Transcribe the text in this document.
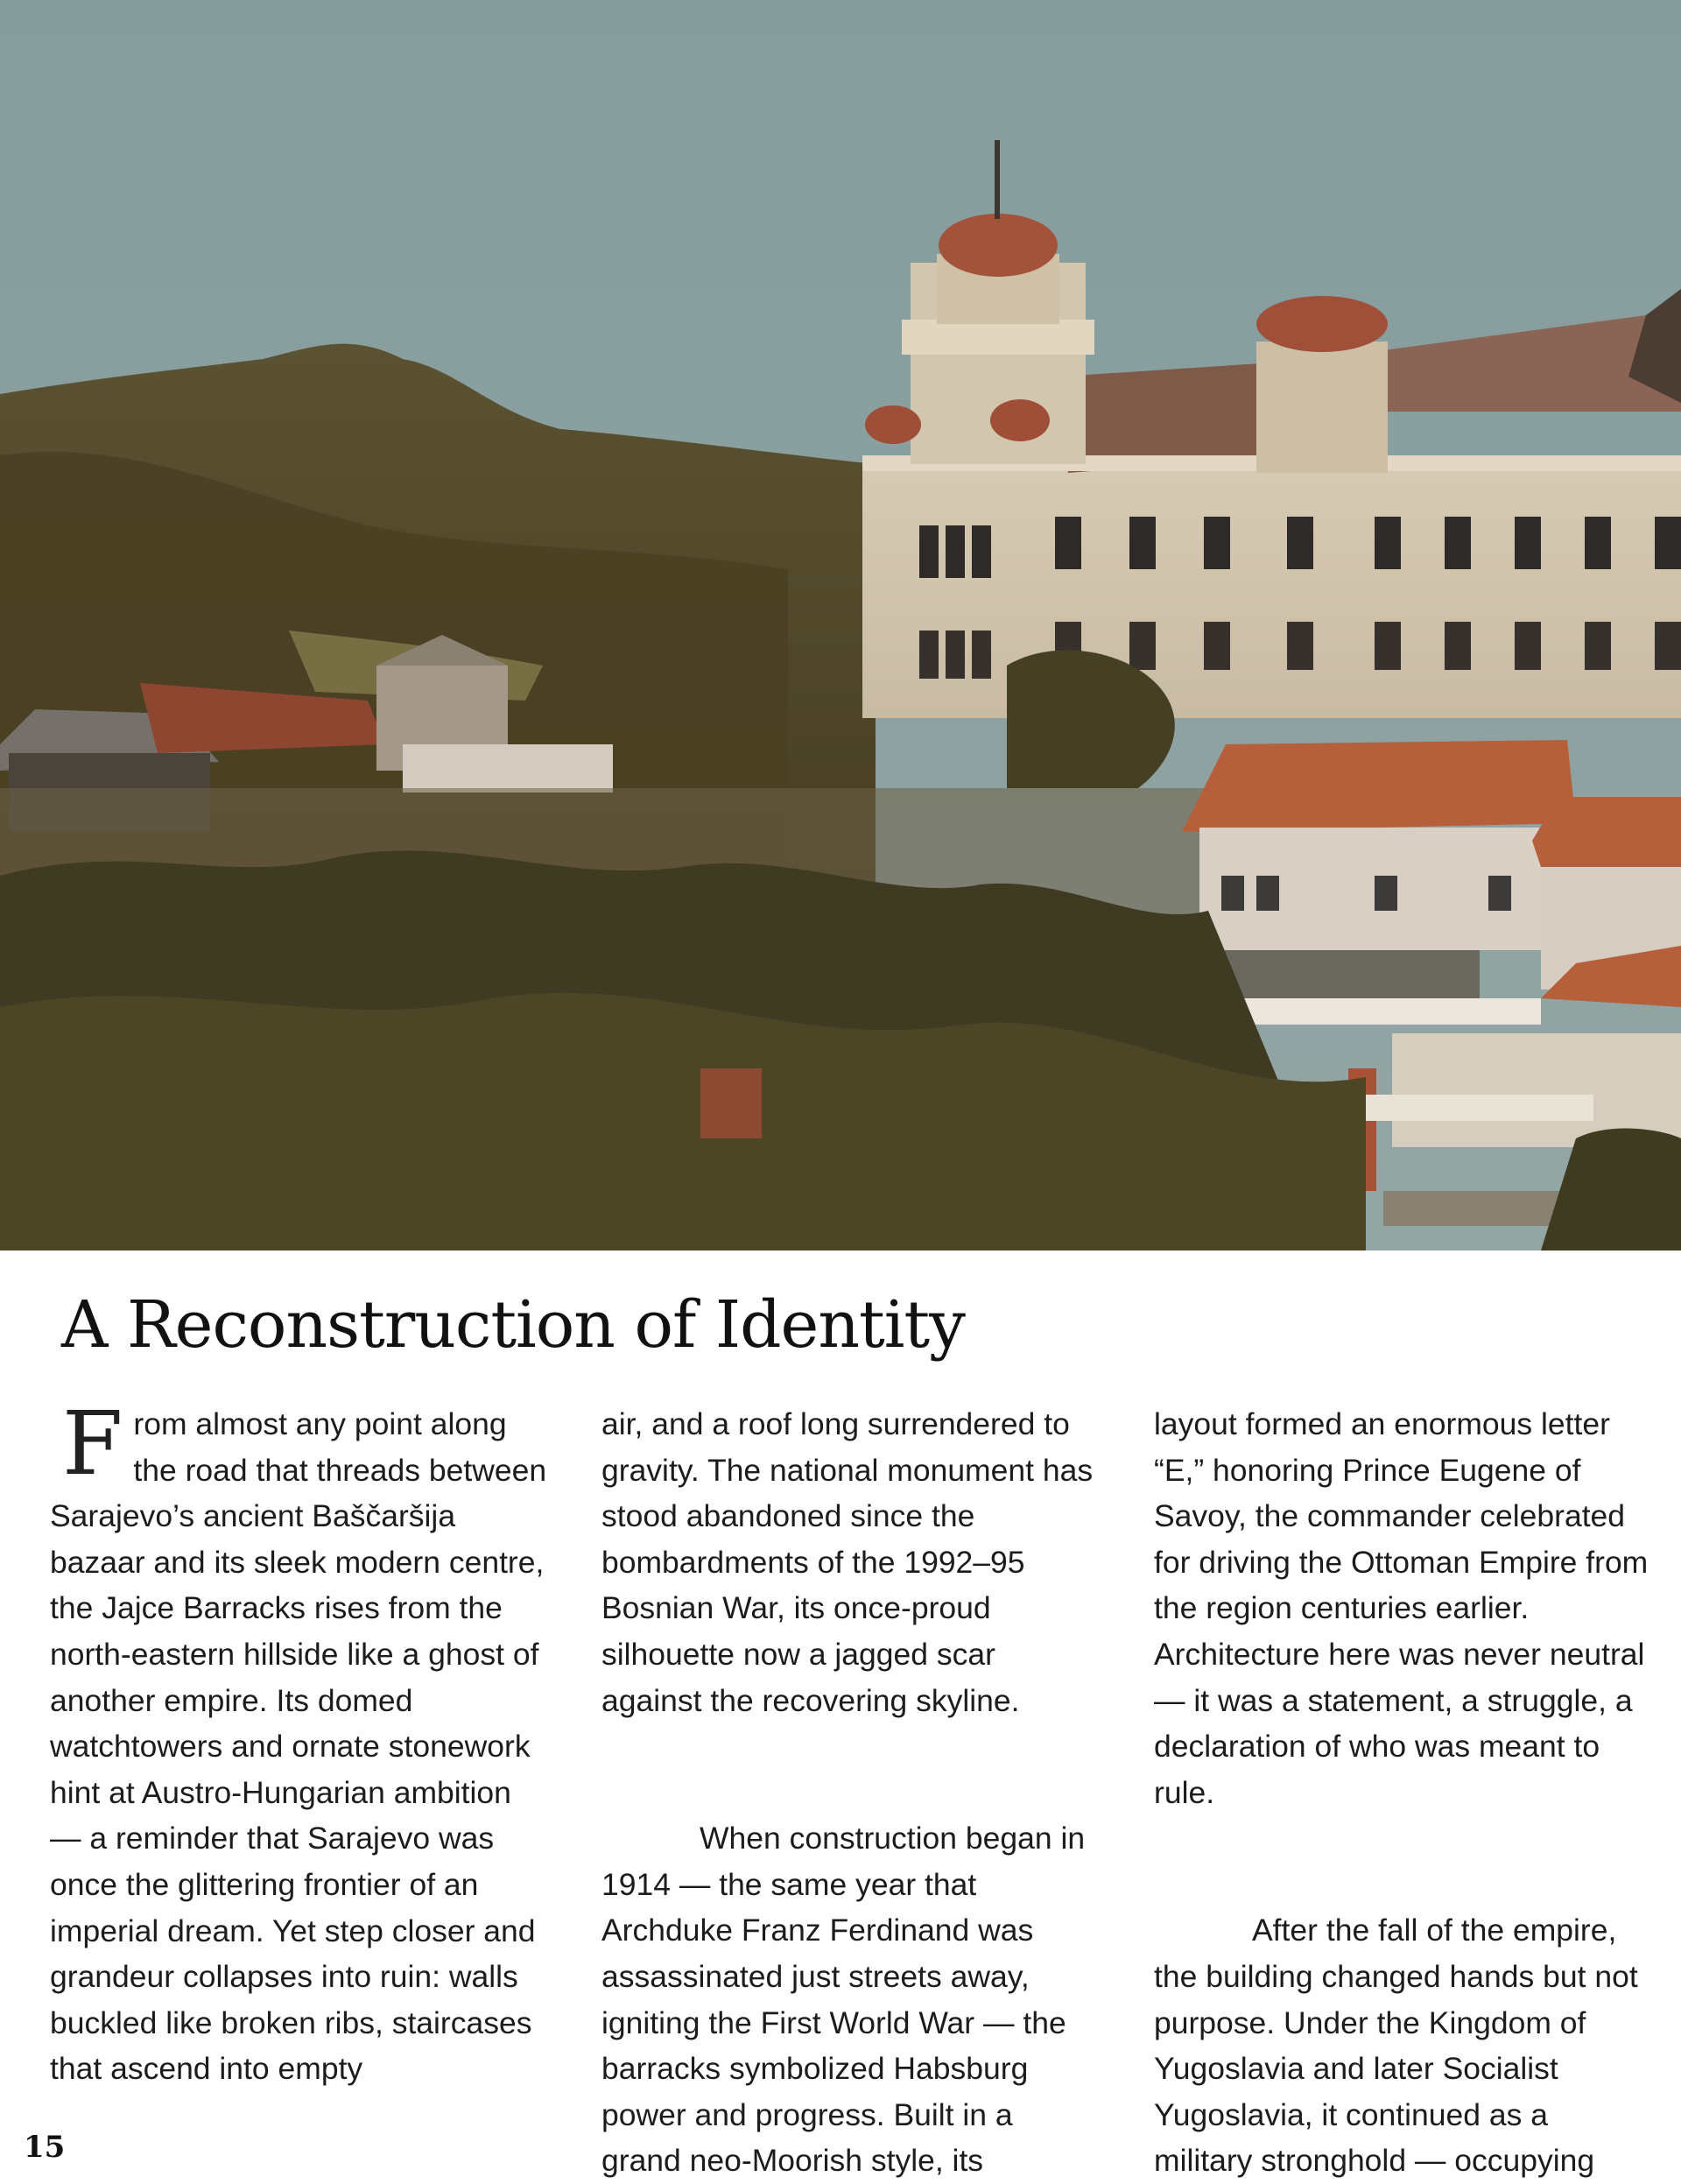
A Reconstruction of Identity

From almost any point along the road that threads between Sarajevo’s ancient Baščaršija bazaar and its sleek modern centre, the Jajce Barracks rises from the north-eastern hillside like a ghost of another empire. Its domed watchtowers and ornate stonework hint at Austro-Hungarian ambition — a reminder that Sarajevo was once the glittering frontier of an imperial dream. Yet step closer and grandeur collapses into ruin: walls buckled like broken ribs, staircases that ascend into empty

air, and a roof long surrendered to gravity. The national monument has stood abandoned since the bombardments of the 1992–95 Bosnian War, its once-proud silhouette now a jagged scar against the recovering skyline.

When construction began in 1914 — the same year that Archduke Franz Ferdinand was assassinated just streets away, igniting the First World War — the barracks symbolized Habsburg power and progress. Built in a grand neo-Moorish style, its

layout formed an enormous letter “E,” honoring Prince Eugene of Savoy, the commander celebrated for driving the Ottoman Empire from the region centuries earlier. Architecture here was never neutral — it was a statement, a struggle, a declaration of who was meant to rule.

After the fall of the empire, the building changed hands but not purpose. Under the Kingdom of Yugoslavia and later Socialist Yugoslavia, it continued as a military stronghold — occupying

15
